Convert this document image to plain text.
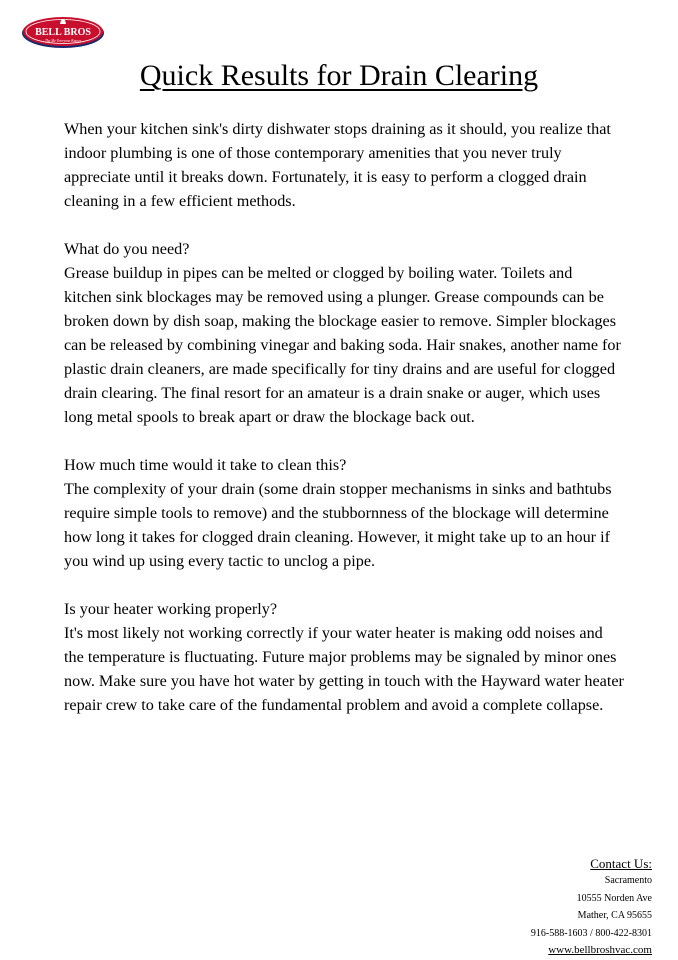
BELL BROS
The Me Everyone Knows
Quick Results for Drain Clearing

When your kitchen sink's dirty dishwater stops draining as it should, you realize that indoor plumbing is one of those contemporary amenities that you never truly appreciate until it breaks down. Fortunately, it is easy to perform a clogged drain cleaning in a few efficient methods.

What do you need?

Grease buildup in pipes can be melted or clogged by boiling water. Toilets and kitchen sink blockages may be removed using a plunger. Grease compounds can be broken down by dish soap, making the blockage easier to remove. Simpler blockages can be released by combining vinegar and baking soda. Hair snakes, another name for plastic drain cleaners, are made specifically for tiny drains and are useful for clogged drain clearing. The final resort for an amateur is a drain snake or auger, which uses long metal spools to break apart or draw the blockage back out.

How much time would it take to clean this?

The complexity of your drain (some drain stopper mechanisms in sinks and bathtubs require simple tools to remove) and the stubbornness of the blockage will determine how long it takes for clogged drain cleaning. However, it might take up to an hour if you wind up using every tactic to unclog a pipe.

Is your heater working properly?

It's most likely not working correctly if your water heater is making odd noises and the temperature is fluctuating. Future major problems may be signaled by minor ones now. Make sure you have hot water by getting in touch with the Hayward water heater repair crew to take care of the fundamental problem and avoid a complete collapse.

Contact Us:
Sacramento
10555 Norden Ave
Mather, CA 95655
916-588-1603 / 800-422-8301
www.bellbroshvac.com
